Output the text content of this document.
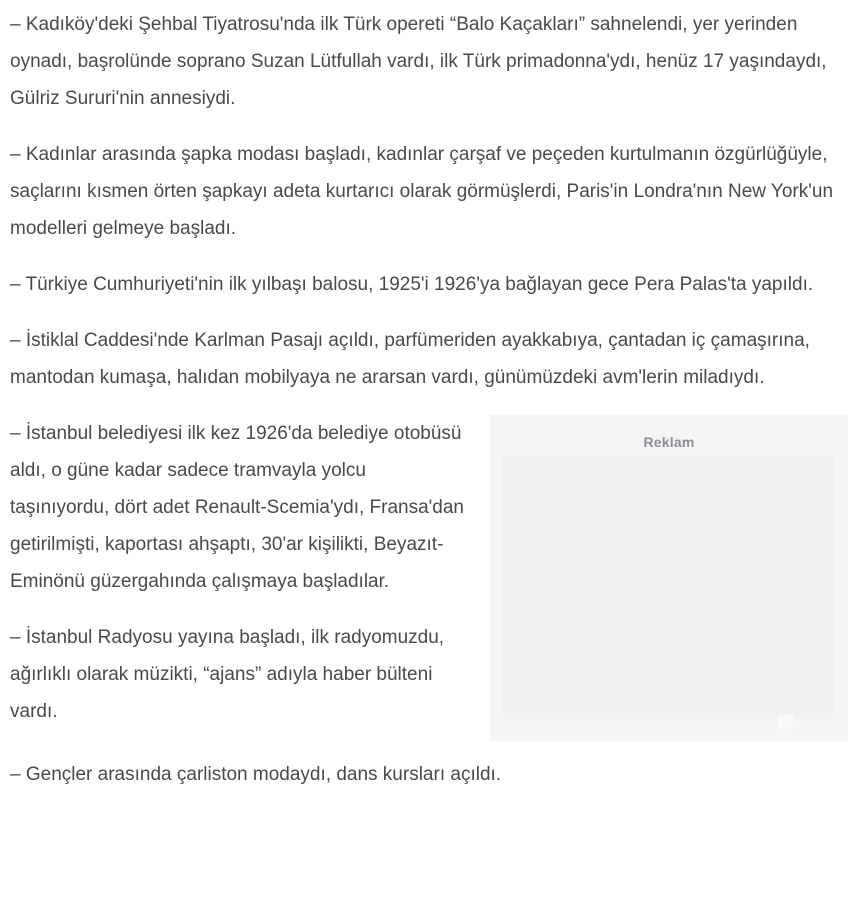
– Kadıköy'deki Şehbal Tiyatrosu'nda ilk Türk opereti “Balo Kaçakları” sahnelendi, yer yerinden oynadı, başrolünde soprano Suzan Lütfullah vardı, ilk Türk primadonna'ydı, henüz 17 yaşındaydı, Gülriz Sururi'nin annesiydi.

– Kadınlar arasında şapka modası başladı, kadınlar çarşaf ve peçeden kurtulmanın özgürlüğüyle, saçlarını kısmen örten şapkayı adeta kurtarıcı olarak görmüşlerdi, Paris'in Londra'nın New York'un modelleri gelmeye başladı.

– Türkiye Cumhuriyeti'nin ilk yılbaşı balosu, 1925'i 1926'ya bağlayan gece Pera Palas'ta yapıldı.

– İstiklal Caddesi'nde Karlman Pasajı açıldı, parfümeriden ayakkabıya, çantadan iç çamaşırına, mantodan kumaşa, halıdan mobilyaya ne ararsan vardı, günümüzdeki avm'lerin miladıydı.

Reklam

– İstanbul belediyesi ilk kez 1926'da belediye otobüsü aldı, o güne kadar sadece tramvayla yolcu taşınıyordu, dört adet Renault-Scemia'ydı, Fransa'dan getirilmişti, kaportası ahşaptı, 30'ar kişilikti, Beyazıt-Eminönü güzergahında çalışmaya başladılar.

– İstanbul Radyosu yayına başladı, ilk radyomuzdu, ağırlıklı olarak müzikti, “ajans” adıyla haber bülteni vardı.

– Gençler arasında çarliston modaydı, dans kursları açıldı.
